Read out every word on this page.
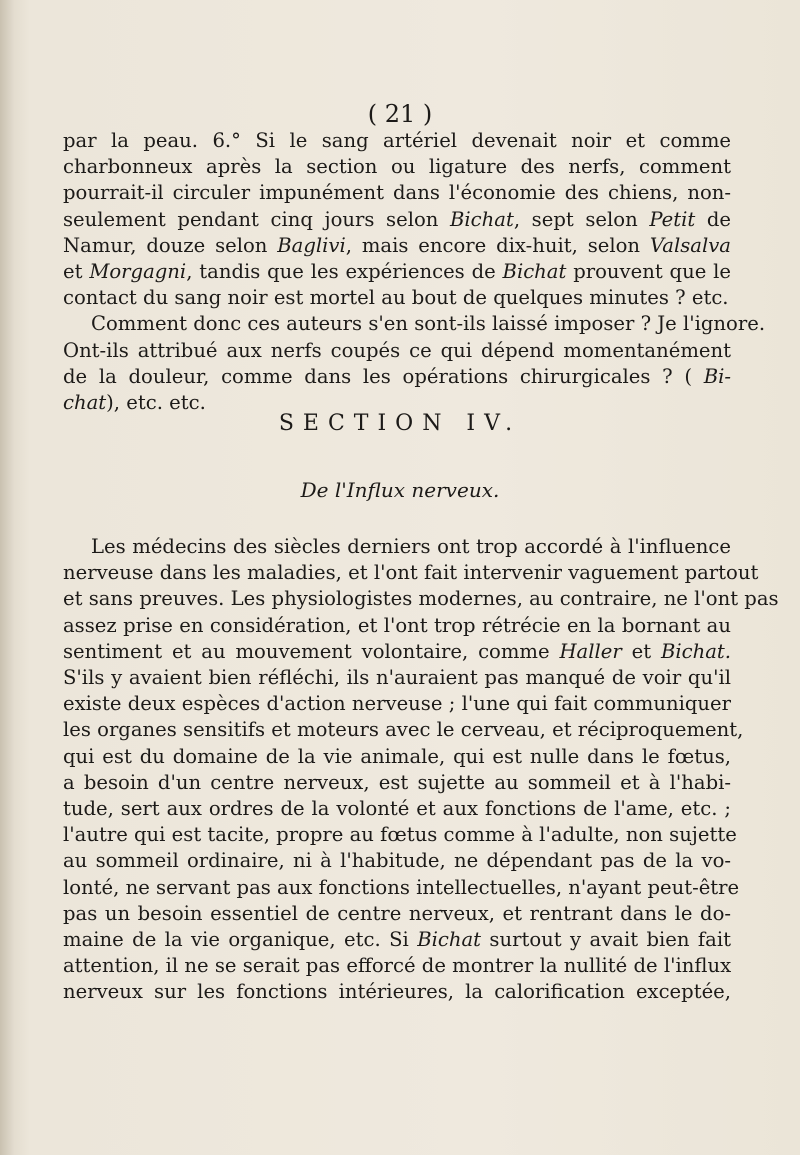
( 21 )
par la peau. 6.° Si le sang artériel devenait noir et comme
charbonneux après la section ou ligature des nerfs, comment
pourrait-il circuler impunément dans l'économie des chiens, non-
seulement pendant cinq jours selon Bichat, sept selon Petit de
Namur, douze selon Baglivi, mais encore dix-huit, selon Valsalva
et Morgagni, tandis que les expériences de Bichat prouvent que le
contact du sang noir est mortel au bout de quelques minutes ? etc.
Comment donc ces auteurs s'en sont-ils laissé imposer ? Je l'ignore.
Ont-ils attribué aux nerfs coupés ce qui dépend momentanément
de la douleur, comme dans les opérations chirurgicales ? ( Bi-
chat), etc. etc.
SECTION IV.
De l'Influx nerveux.
Les médecins des siècles derniers ont trop accordé à l'influence
nerveuse dans les maladies, et l'ont fait intervenir vaguement partout
et sans preuves. Les physiologistes modernes, au contraire, ne l'ont pas
assez prise en considération, et l'ont trop rétrécie en la bornant au
sentiment et au mouvement volontaire, comme Haller et Bichat.
S'ils y avaient bien réfléchi, ils n'auraient pas manqué de voir qu'il
existe deux espèces d'action nerveuse ; l'une qui fait communiquer
les organes sensitifs et moteurs avec le cerveau, et réciproquement,
qui est du domaine de la vie animale, qui est nulle dans le fœtus,
a besoin d'un centre nerveux, est sujette au sommeil et à l'habi-
tude, sert aux ordres de la volonté et aux fonctions de l'ame, etc. ;
l'autre qui est tacite, propre au fœtus comme à l'adulte, non sujette
au sommeil ordinaire, ni à l'habitude, ne dépendant pas de la vo-
lonté, ne servant pas aux fonctions intellectuelles, n'ayant peut-être
pas un besoin essentiel de centre nerveux, et rentrant dans le do-
maine de la vie organique, etc. Si Bichat surtout y avait bien fait
attention, il ne se serait pas efforcé de montrer la nullité de l'influx
nerveux sur les fonctions intérieures, la calorification exceptée,
